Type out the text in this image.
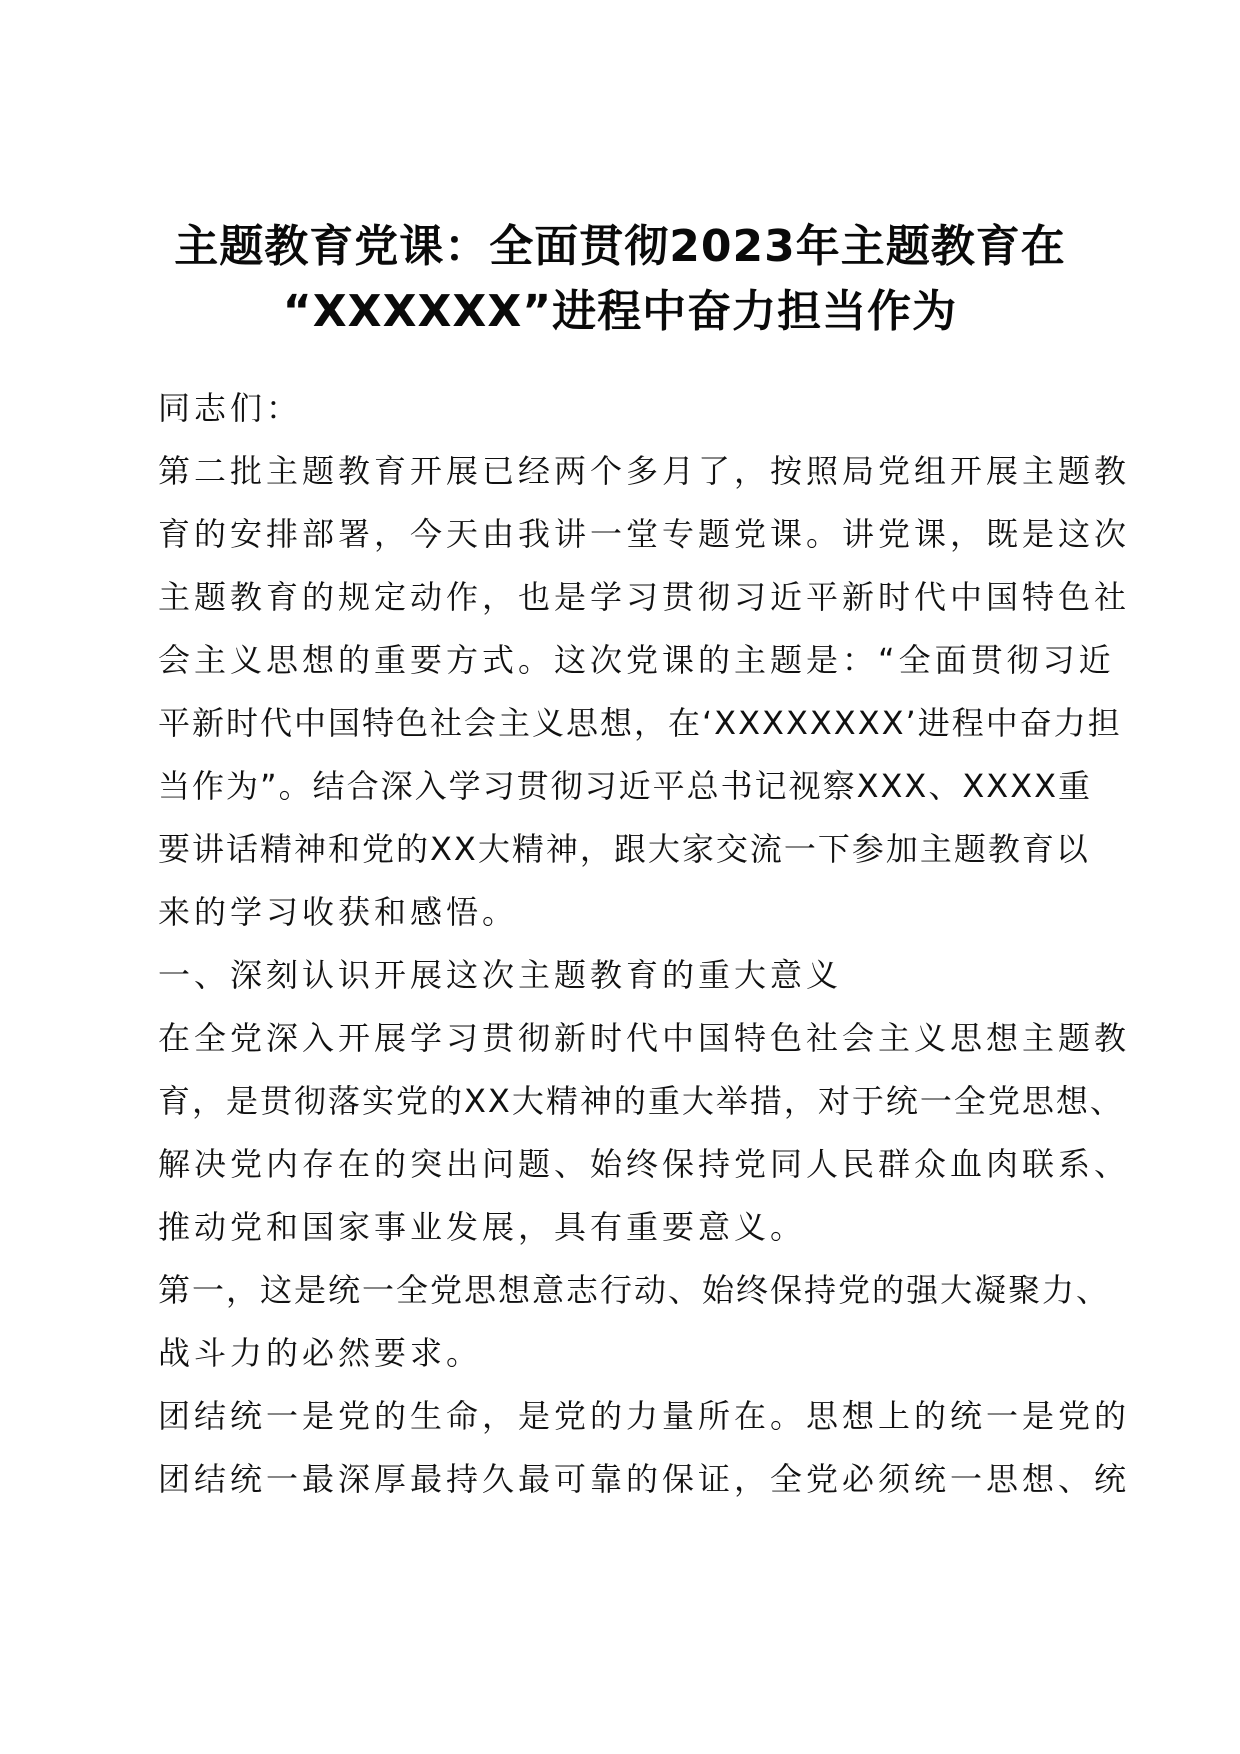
主题教育党课：全面贯彻2023年主题教育在
“XXXXXX”进程中奋力担当作为
同志们：
第二批主题教育开展已经两个多月了，按照局党组开展主题教
育的安排部署，今天由我讲一堂专题党课。讲党课，既是这次
主题教育的规定动作，也是学习贯彻习近平新时代中国特色社
会主义思想的重要方式。这次党课的主题是：“全面贯彻习近
平新时代中国特色社会主义思想，在‘XXXXXXXX’进程中奋力担
当作为”。结合深入学习贯彻习近平总书记视察XXX、XXXX重
要讲话精神和党的XX大精神，跟大家交流一下参加主题教育以
来的学习收获和感悟。
一、深刻认识开展这次主题教育的重大意义
在全党深入开展学习贯彻新时代中国特色社会主义思想主题教
育，是贯彻落实党的XX大精神的重大举措，对于统一全党思想、
解决党内存在的突出问题、始终保持党同人民群众血肉联系、
推动党和国家事业发展，具有重要意义。
第一，这是统一全党思想意志行动、始终保持党的强大凝聚力、
战斗力的必然要求。
团结统一是党的生命，是党的力量所在。思想上的统一是党的
团结统一最深厚最持久最可靠的保证，全党必须统一思想、统
